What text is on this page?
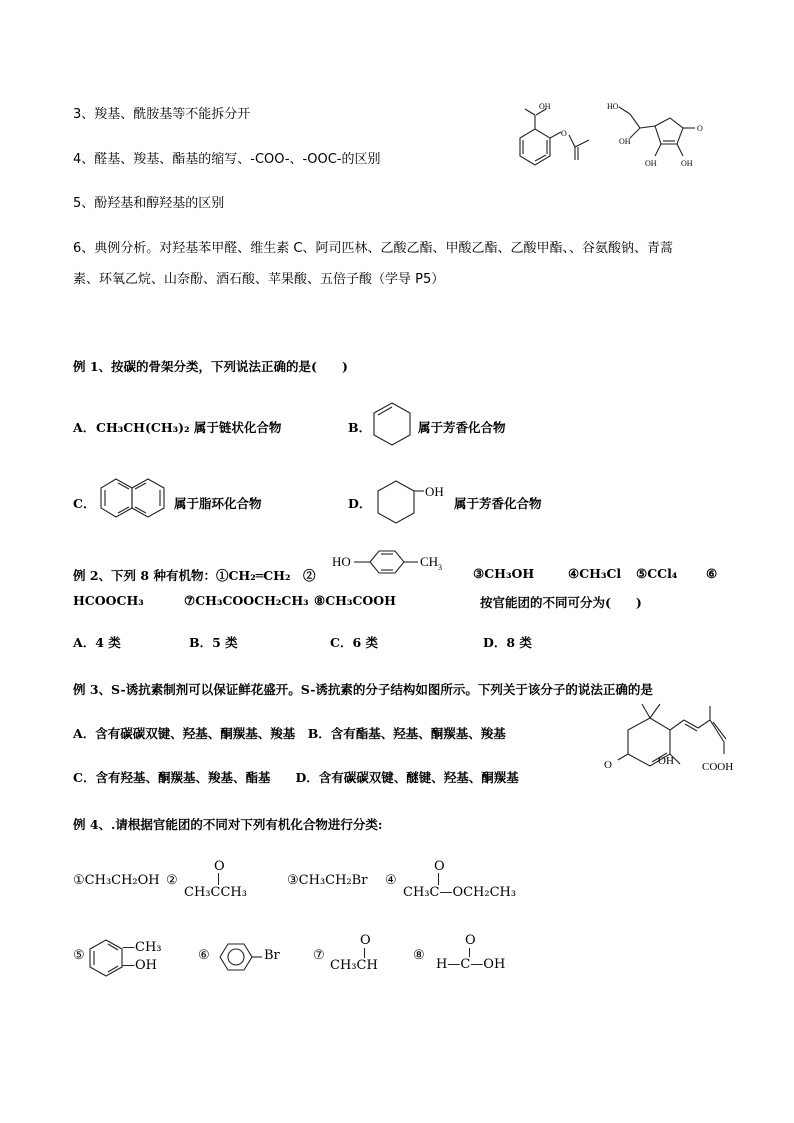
3、羧基、酰胺基等不能拆分开
4、醛基、羧基、酯基的缩写、-COO-、-OOC-的区别
5、酚羟基和醇羟基的区别
6、典例分析。对羟基苯甲醛、维生素 C、阿司匹林、乙酸乙酯、甲酸乙酯、乙酸甲酯、、谷氨酸钠、青蒿
素、环氧乙烷、山奈酚、酒石酸、苹果酸、五倍子酸（学导 P5）
OH
O
HO
OH
O
OH	OH
例 1、按碳的骨架分类，下列说法正确的是(　　)
A． CH₃CH(CH₃)₂ 属于链状化合物	B．	属于芳香化合物
C．	属于脂环化合物	D．
OH
属于芳香化合物
例 2、下列 8 种有机物：①CH₂═CH₂　②
HO	CH 3 ③CH₃OH	④CH₃Cl ⑤CCl₄ ⑥
HCOOCH₃	⑦CH₃COOCH₂CH₃ ⑧CH₃COOH	按官能团的不同可分为(　　)
A．4 类	B．5 类	C．6 类	D．8 类
例 3、S-诱抗素制剂可以保证鲜花盛开。S-诱抗素的分子结构如图所示。下列关于该分子的说法正确的是
A．含有碳碳双键、羟基、酮羰基、羧基　B．含有酯基、羟基、酮羰基、羧基
C．含有羟基、酮羰基、羧基、酯基　　D．含有碳碳双键、醚键、羟基、酮羰基
O	OH	COOH
例 4、.请根据官能团的不同对下列有机化合物进行分类:
①CH₃CH₂OH ②
O
CH₃CCH₃
③CH₃CH₂Br ④
O
CH₃C—OCH₂CH₃
⑤
—CH₃
—OH
⑥	Br	⑦
O
CH₃CH
⑧
O
H—C—OH
